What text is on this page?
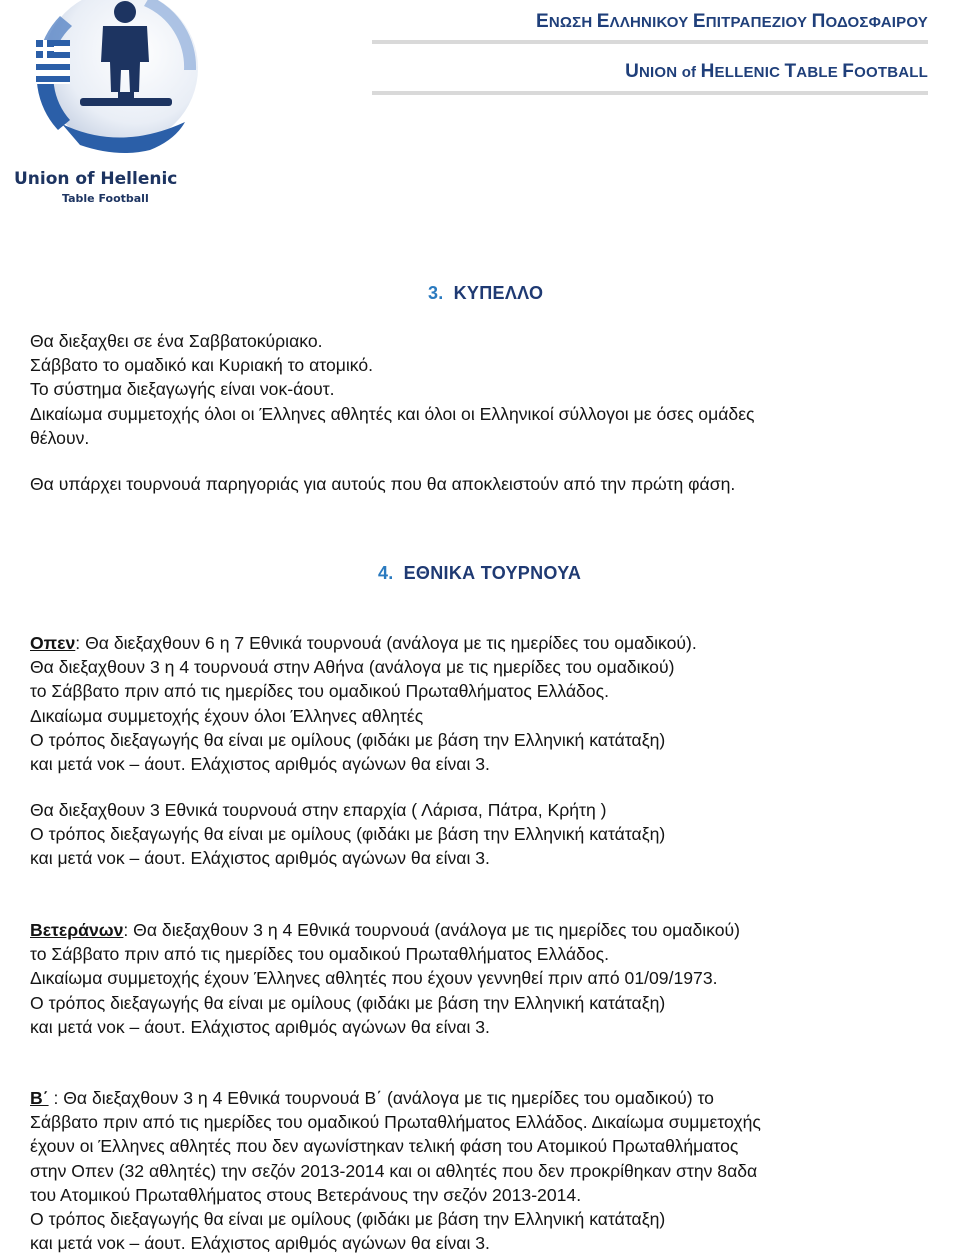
Union of Hellenic
Table Football
ΕΝΩΣΗ ΕΛΛΗΝΙΚΟΥ ΕΠΙΤΡΑΠΕΖΙΟΥ ΠΟΔΟΣΦΑΙΡΟΥ
UNION of HELLENIC TABLE FOOTBALL
3. ΚΥΠΕΛΛΟ
Θα διεξαχθει σε ένα Σαββατοκύριακο.
Σάββατο το ομαδικό και Κυριακή το ατομικό.
Το σύστημα διεξαγωγής είναι νοκ-άουτ.
Δικαίωμα συμμετοχής όλοι οι Έλληνες αθλητές και όλοι οι Ελληνικοί σύλλογοι με όσες ομάδες
θέλουν.
Θα υπάρχει τουρνουά παρηγοριάς για αυτούς που θα αποκλειστούν από την πρώτη φάση.
4. ΕΘΝΙΚΑ ΤΟΥΡΝΟΥΑ
Οπεν: Θα διεξαχθουν 6 η 7 Εθνικά τουρνουά (ανάλογα με τις ημερίδες του ομαδικού).
Θα διεξαχθουν 3 η 4 τουρνουά στην Αθήνα (ανάλογα με τις ημερίδες του ομαδικού)
το Σάββατο πριν από τις ημερίδες του ομαδικού Πρωταθλήματος Ελλάδος.
Δικαίωμα συμμετοχής έχουν όλοι Έλληνες αθλητές
Ο τρόπος διεξαγωγής θα είναι με ομίλους (φιδάκι με βάση την Ελληνική κατάταξη)
και μετά νοκ – άουτ. Ελάχιστος αριθμός αγώνων θα είναι 3.
Θα διεξαχθουν 3 Εθνικά τουρνουά στην επαρχία ( Λάρισα, Πάτρα, Κρήτη )
Ο τρόπος διεξαγωγής θα είναι με ομίλους (φιδάκι με βάση την Ελληνική κατάταξη)
και μετά νοκ – άουτ. Ελάχιστος αριθμός αγώνων θα είναι 3.
Βετεράνων: Θα διεξαχθουν 3 η 4 Εθνικά τουρνουά (ανάλογα με τις ημερίδες του ομαδικού)
το Σάββατο πριν από τις ημερίδες του ομαδικού Πρωταθλήματος Ελλάδος.
Δικαίωμα συμμετοχής έχουν Έλληνες αθλητές που έχουν γεννηθεί πριν από 01/09/1973.
Ο τρόπος διεξαγωγής θα είναι με ομίλους (φιδάκι με βάση την Ελληνική κατάταξη)
και μετά νοκ – άουτ. Ελάχιστος αριθμός αγώνων θα είναι 3.
Β΄ : Θα διεξαχθουν 3 η 4 Εθνικά τουρνουά Β΄ (ανάλογα με τις ημερίδες του ομαδικού) το
Σάββατο πριν από τις ημερίδες του ομαδικού Πρωταθλήματος Ελλάδος. Δικαίωμα συμμετοχής
έχουν οι Έλληνες αθλητές που δεν αγωνίστηκαν τελική φάση του Ατομικού Πρωταθλήματος
στην Οπεν (32 αθλητές) την σεζόν 2013-2014 και οι αθλητές που δεν προκρίθηκαν στην 8αδα
του Ατομικού Πρωταθλήματος στους Βετεράνους την σεζόν 2013-2014.
Ο τρόπος διεξαγωγής θα είναι με ομίλους (φιδάκι με βάση την Ελληνική κατάταξη)
και μετά νοκ – άουτ. Ελάχιστος αριθμός αγώνων θα είναι 3.
